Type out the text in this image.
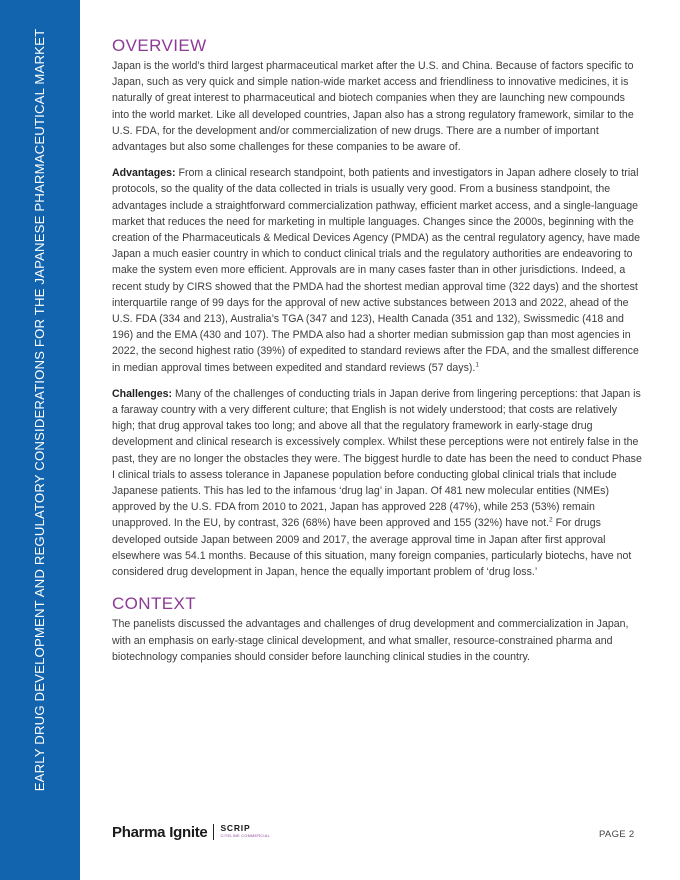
EARLY DRUG DEVELOPMENT AND REGULATORY CONSIDERATIONS FOR THE JAPANESE PHARMACEUTICAL MARKET	OVERVIEW

Japan is the world’s third largest pharmaceutical market after the U.S. and China. Because of factors specific to Japan, such as very quick and simple nation-wide market access and friendliness to innovative medicines, it is naturally of great interest to pharmaceutical and biotech companies when they are launching new compounds into the world market. Like all developed countries, Japan also has a strong regulatory framework, similar to the U.S. FDA, for the development and/or commercialization of new drugs. There are a number of important advantages but also some challenges for these companies to be aware of.

Advantages: From a clinical research standpoint, both patients and investigators in Japan adhere closely to trial protocols, so the quality of the data collected in trials is usually very good. From a business standpoint, the advantages include a straightforward commercialization pathway, efficient market access, and a single-language market that reduces the need for marketing in multiple languages. Changes since the 2000s, beginning with the creation of the Pharmaceuticals & Medical Devices Agency (PMDA) as the central regulatory agency, have made Japan a much easier country in which to conduct clinical trials and the regulatory authorities are endeavoring to make the system even more efficient. Approvals are in many cases faster than in other jurisdictions. Indeed, a recent study by CIRS showed that the PMDA had the shortest median approval time (322 days) and the shortest interquartile range of 99 days for the approval of new active substances between 2013 and 2022, ahead of the U.S. FDA (334 and 213), Australia’s TGA (347 and 123), Health Canada (351 and 132), Swissmedic (418 and 196) and the EMA (430 and 107). The PMDA also had a shorter median submission gap than most agencies in 2022, the second highest ratio (39%) of expedited to standard reviews after the FDA, and the smallest difference in median approval times between expedited and standard reviews (57 days).$^1$

Challenges: Many of the challenges of conducting trials in Japan derive from lingering perceptions: that Japan is a faraway country with a very different culture; that English is not widely understood; that costs are relatively high; that drug approval takes too long; and above all that the regulatory framework in early-stage drug development and clinical research is excessively complex. Whilst these perceptions were not entirely false in the past, they are no longer the obstacles they were. The biggest hurdle to date has been the need to conduct Phase I clinical trials to assess tolerance in Japanese population before conducting global clinical trials that include Japanese patients. This has led to the infamous ‘drug lag’ in Japan. Of 481 new molecular entities (NMEs) approved by the U.S. FDA from 2010 to 2021, Japan has approved 228 (47%), while 253 (53%) remain unapproved. In the EU, by contrast, 326 (68%) have been approved and 155 (32%) have not.$^2$ For drugs developed outside Japan between 2009 and 2017, the average approval time in Japan after first approval elsewhere was 54.1 months. Because of this situation, many foreign companies, particularly biotechs, have not considered drug development in Japan, hence the equally important problem of ‘drug loss.’

CONTEXT

The panelists discussed the advantages and challenges of drug development and commercialization in Japan, with an emphasis on early-stage clinical development, and what smaller, resource-constrained pharma and biotechnology companies should consider before launching clinical studies in the country.

Pharma Ignite SCRIP
CITELINE COMMERCIAL	PAGE 2
